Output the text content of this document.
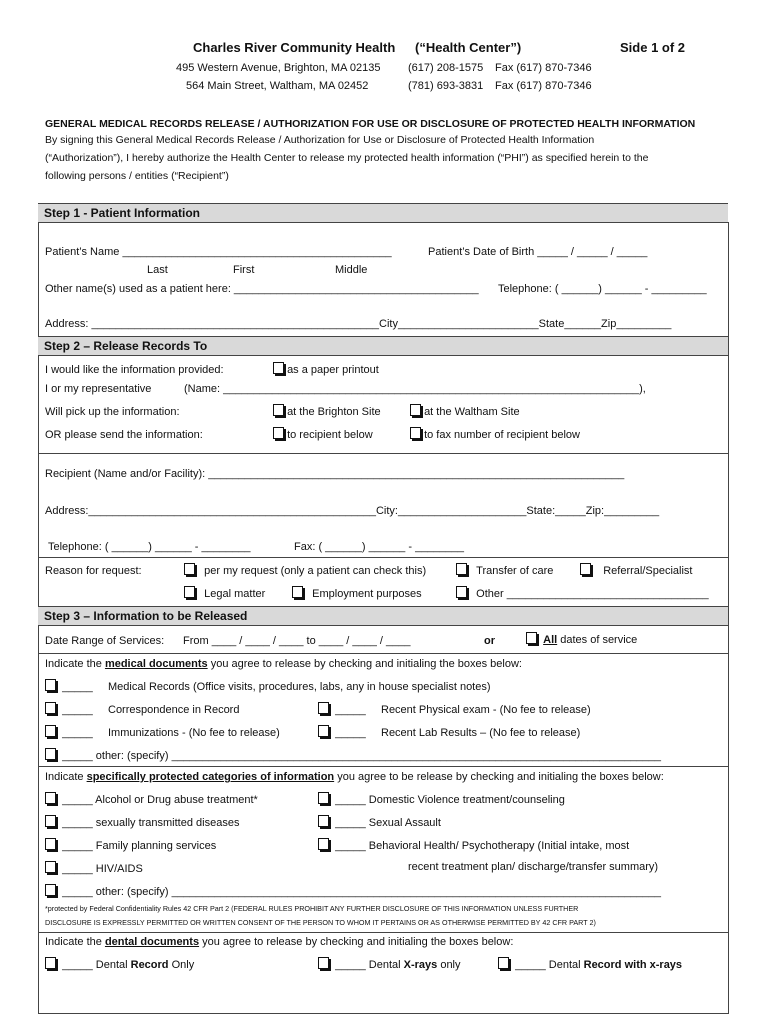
Charles River Community Health (“Health Center”)	Side 1 of 2
495 Western Avenue, Brighton, MA 02135	(617) 208-1575 Fax (617) 870-7346
564 Main Street, Waltham, MA 02452	(781) 693-3831 Fax (617) 870-7346
GENERAL MEDICAL RECORDS RELEASE / AUTHORIZATION FOR USE OR DISCLOSURE OF PROTECTED HEALTH INFORMATION
By signing this General Medical Records Release / Authorization for Use or Disclosure of Protected Health Information
(“Authorization”), I hereby authorize the Health Center to release my protected health information (“PHI”) as specified herein to the
following persons / entities (“Recipient”)
Step 1 - Patient Information
Patient’s Name ____________________________________________	Patient’s Date of Birth _____ / _____ / _____
Last	First	Middle
Other name(s) used as a patient here: ________________________________________ Telephone: ( ______) ______ - _________
Address: _______________________________________________City_______________________State______Zip_________
Step 2 – Release Records To
I would like the information provided:	as a paper printout
I or my representative	(Name: ____________________________________________________________________),
Will pick up the information:	at the Brighton Site	at the Waltham Site
OR please send the information:	to recipient below	to fax number of recipient below
Recipient (Name and/or Facility): ____________________________________________________________________
Address:_______________________________________________City:_____________________State:_____Zip:_________
Telephone: ( ______) ______ - ________	Fax: ( ______) ______ - ________
Reason for request:	per my request (only a patient can check this)	Transfer of care	Referral/Specialist
Legal matter	Employment purposes	Other _________________________________
Step 3 – Information to be Released
Date Range of Services: From ____ / ____ / ____ to ____ / ____ / ____	or	All dates of service
Indicate the medical documents you agree to release by checking and initialing the boxes below:
_____ Medical Records (Office visits, procedures, labs, any in house specialist notes)
_____ Correspondence in Record	_____ Recent Physical exam - (No fee to release)
_____ Immunizations - (No fee to release)	_____ Recent Lab Results – (No fee to release)
_____ other: (specify) ________________________________________________________________________________
Indicate specifically protected categories of information you agree to be release by checking and initialing the boxes below:
_____ Alcohol or Drug abuse treatment*	_____ Domestic Violence treatment/counseling
_____ sexually transmitted diseases	_____ Sexual Assault
_____ Family planning services	_____ Behavioral Health/ Psychotherapy (Initial intake, most
_____ HIV/AIDS	recent treatment plan/ discharge/transfer summary)
_____ other: (specify) ________________________________________________________________________________
*protected by Federal Confidentiality Rules 42 CFR Part 2 (FEDERAL RULES PROHIBIT ANY FURTHER DISCLOSURE OF THIS INFORMATION UNLESS FURTHER
DISCLOSURE IS EXPRESSLY PERMITTED OR WRITTEN CONSENT OF THE PERSON TO WHOM IT PERTAINS OR AS OTHERWISE PERMITTED BY 42 CFR PART 2)
Indicate the dental documents you agree to release by checking and initialing the boxes below:
_____ Dental Record Only	_____ Dental X-rays only	_____ Dental Record with x-rays
